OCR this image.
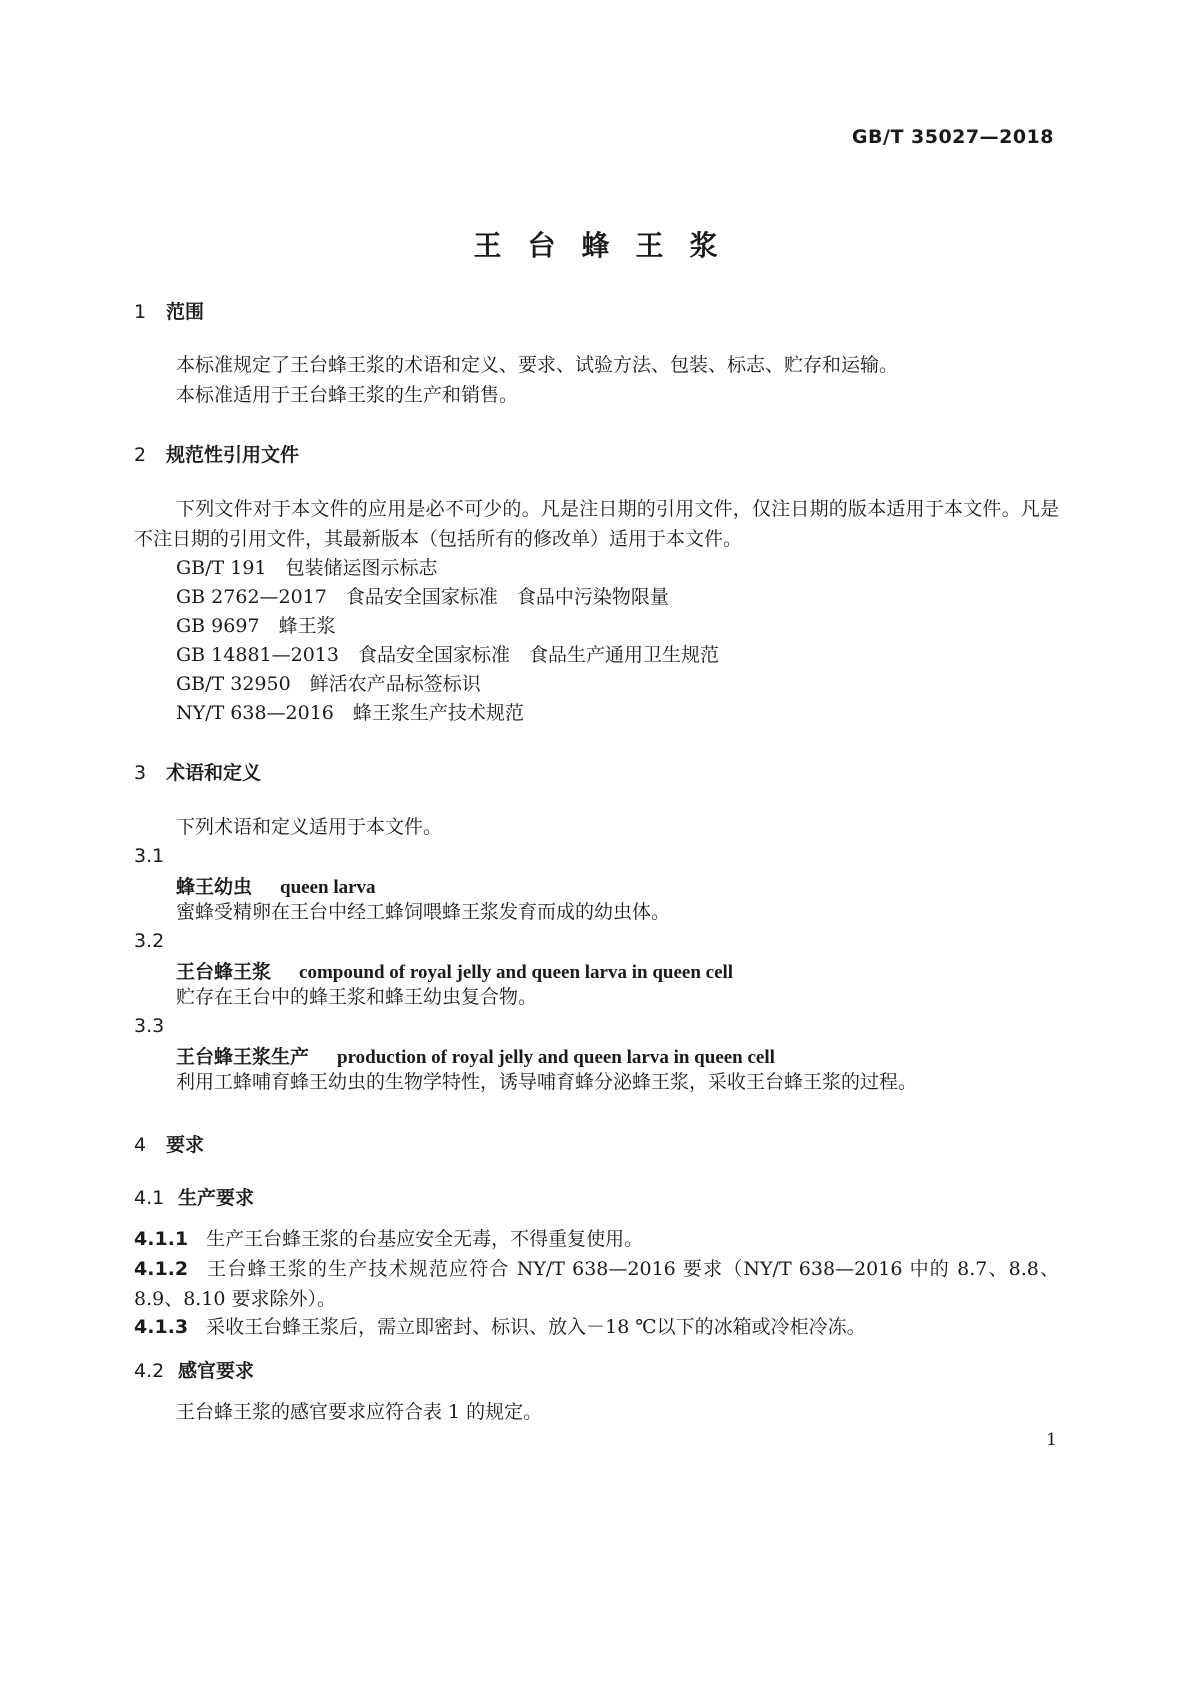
GB/T 35027—2018
王台蜂王浆
1 范围
本标准规定了王台蜂王浆的术语和定义、要求、试验方法、包装、标志、贮存和运输。
本标准适用于王台蜂王浆的生产和销售。
2 规范性引用文件
下列文件对于本文件的应用是必不可少的。凡是注日期的引用文件，仅注日期的版本适用于本文件。凡是不注日期的引用文件，其最新版本（包括所有的修改单）适用于本文件。
GB/T 191　 包装储运图示标志
GB 2762—2017　 食品安全国家标准　食品中污染物限量
GB 9697　 蜂王浆
GB 14881—2013　 食品安全国家标准　食品生产通用卫生规范
GB/T 32950　 鲜活农产品标签标识
NY/T 638—2016　 蜂王浆生产技术规范
3 术语和定义
下列术语和定义适用于本文件。
3.1
蜂王幼虫 queen larva
蜜蜂受精卵在王台中经工蜂饲喂蜂王浆发育而成的幼虫体。
3.2
王台蜂王浆 compound of royal jelly and queen larva in queen cell
贮存在王台中的蜂王浆和蜂王幼虫复合物。
3.3
王台蜂王浆生产 production of royal jelly and queen larva in queen cell
利用工蜂哺育蜂王幼虫的生物学特性，诱导哺育蜂分泌蜂王浆，采收王台蜂王浆的过程。
4 要求
4.1 生产要求
4.1.1 生产王台蜂王浆的台基应安全无毒，不得重复使用。
4.1.2 王台蜂王浆的生产技术规范应符合 NY/T 638—2016 要求（NY/T 638—2016 中的 8.7、8.8、8.9、8.10 要求除外）。
4.1.3 采收王台蜂王浆后，需立即密封、标识、放入－18 ℃以下的冰箱或冷柜冷冻。
4.2 感官要求
王台蜂王浆的感官要求应符合表 1 的规定。
1
